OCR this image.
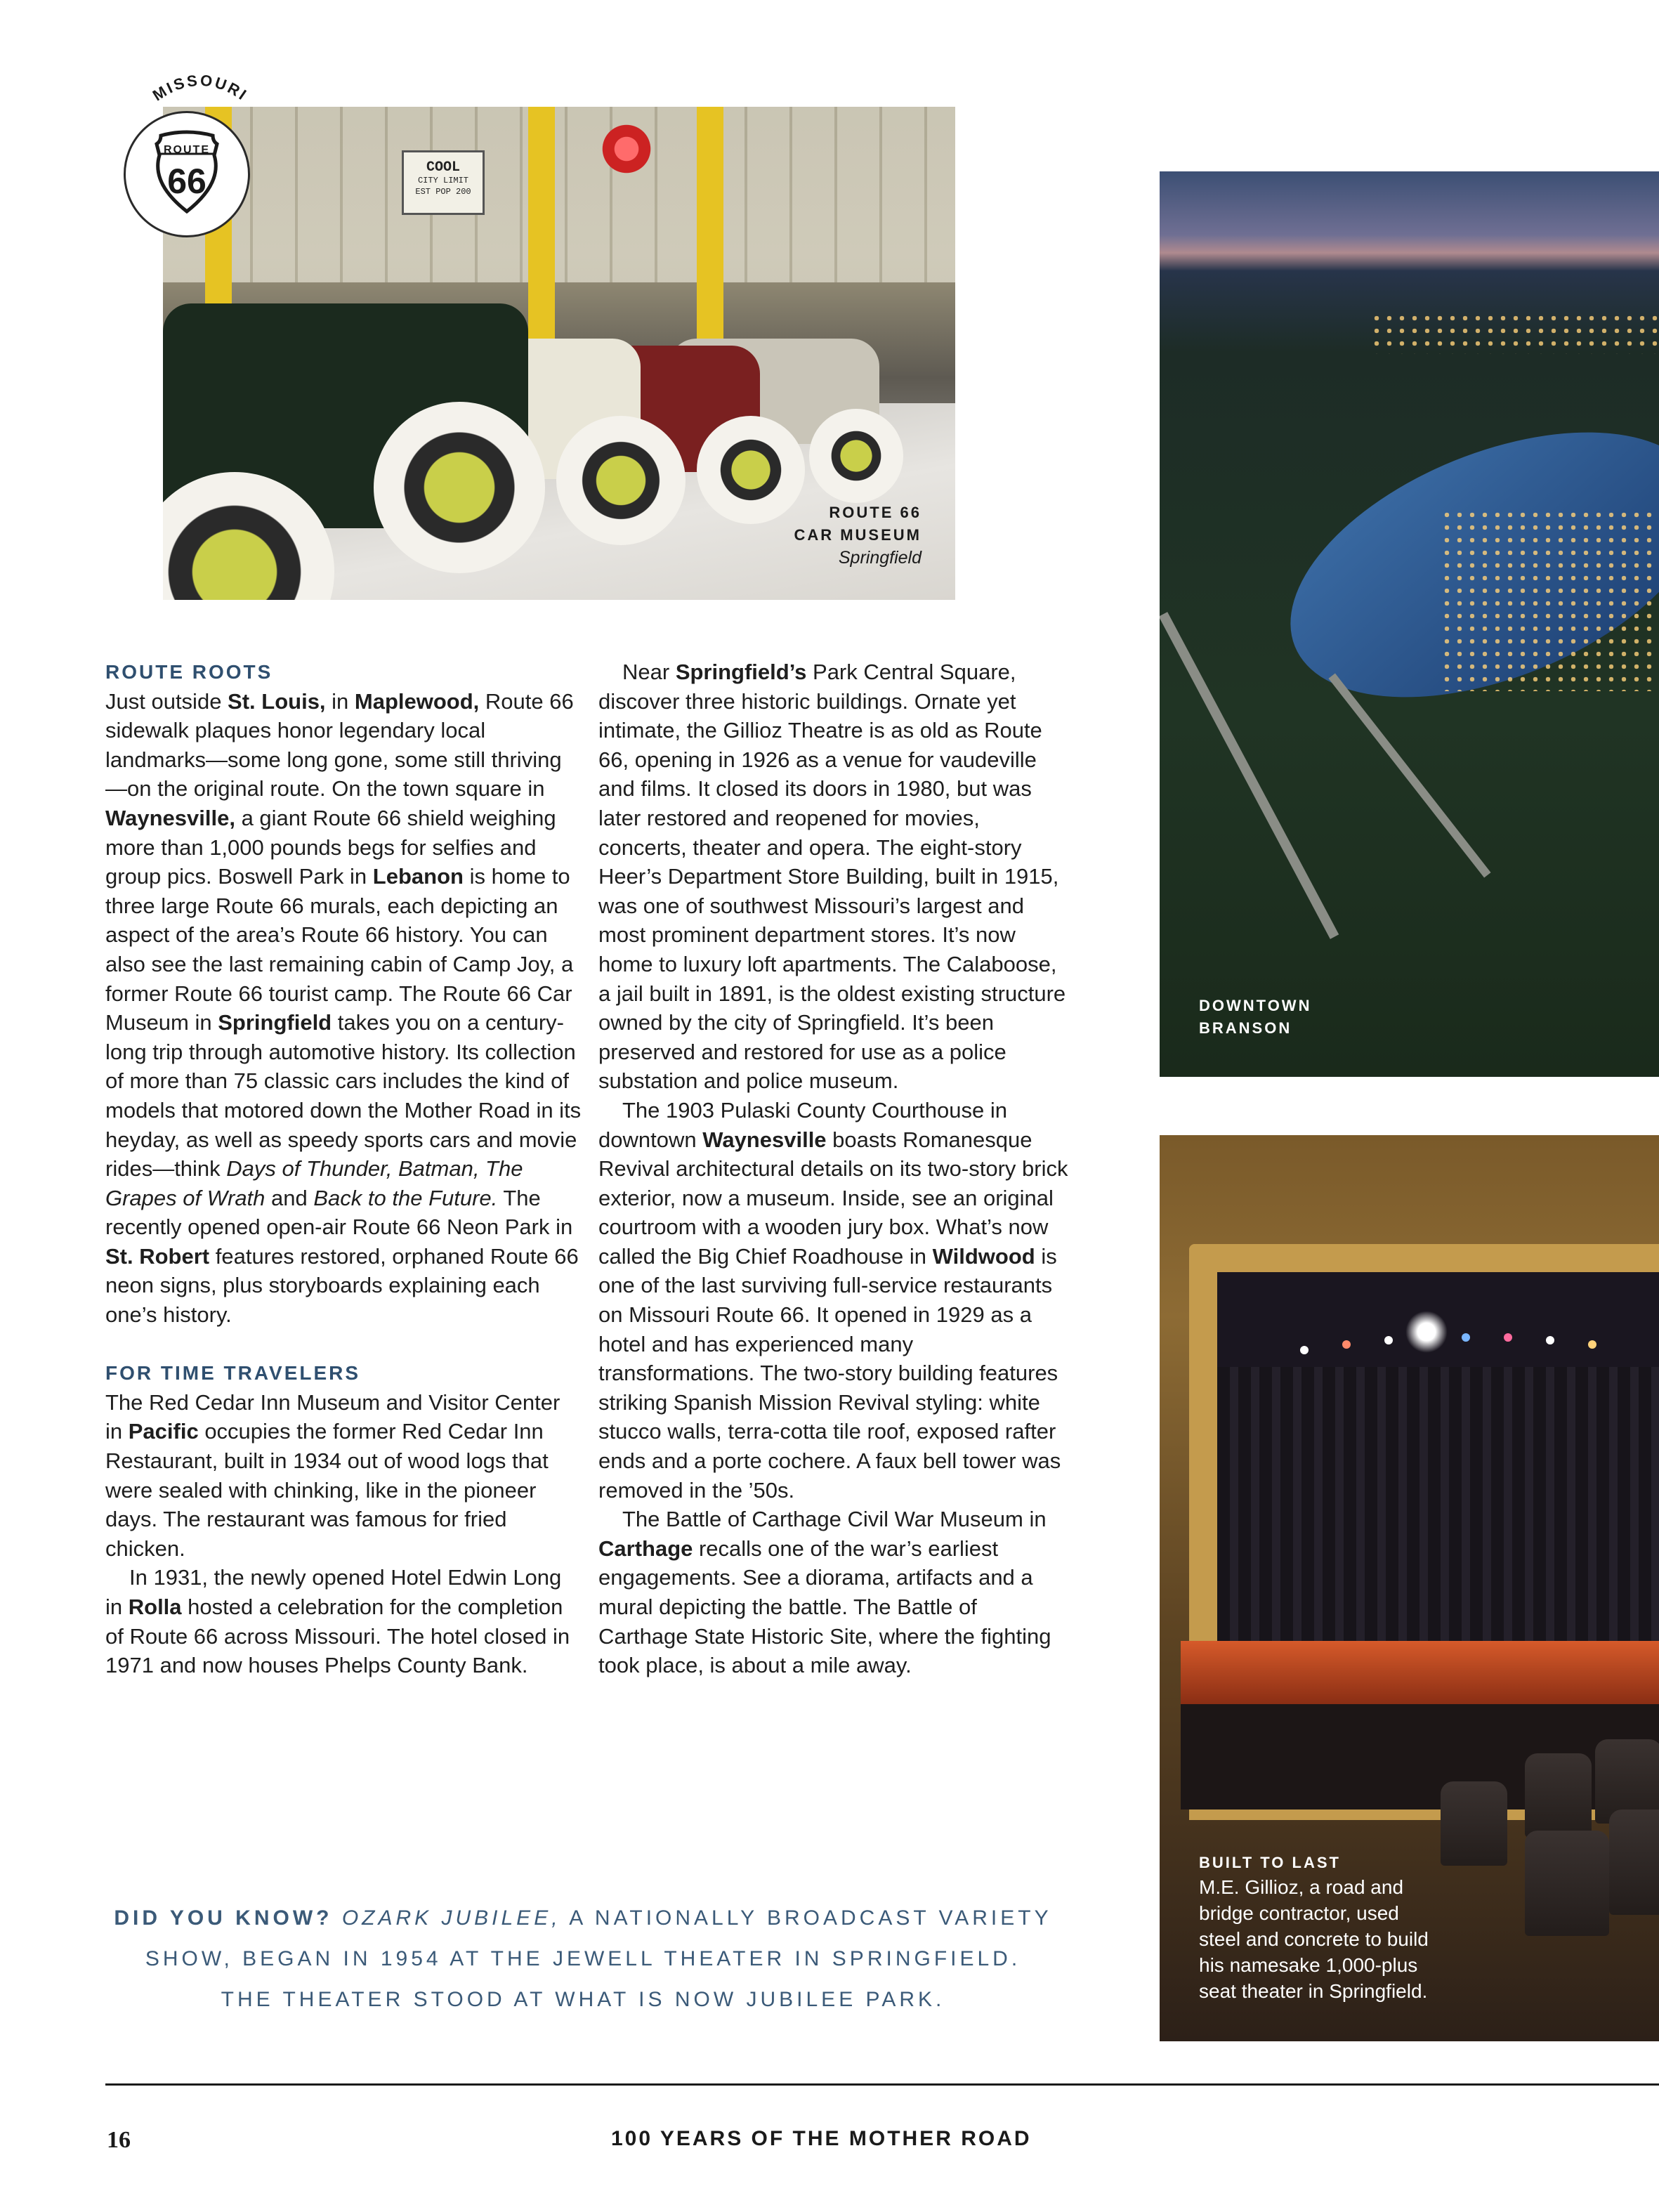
COOL
CITY LIMIT
EST POP 200
ROUTE 66
CAR MUSEUM
Springfield
MISSOURI
ROUTE
66
DOWNTOWN
BRANSON
BUILT TO LAST
M.E. Gillioz, a road and
bridge contractor, used
steel and concrete to build
his namesake 1,000-plus
seat theater in Springfield.
ROUTE ROOTS

Just outside St. Louis, in Maplewood, Route 66 sidewalk plaques honor legendary local landmarks—some long gone, some still thriving—on the original route. On the town square in Waynesville, a giant Route 66 shield weighing more than 1,000 pounds begs for selfies and group pics. Boswell Park in Lebanon is home to three large Route 66 murals, each depicting an aspect of the area’s Route 66 history. You can also see the last remaining cabin of Camp Joy, a former Route 66 tourist camp. The Route 66 Car Museum in Springfield takes you on a century-long trip through automotive history. Its collection of more than 75 classic cars includes the kind of models that motored down the Mother Road in its heyday, as well as speedy sports cars and movie rides—think Days of Thunder, Batman, The Grapes of Wrath and Back to the Future. The recently opened open-air Route 66 Neon Park in St. Robert features restored, orphaned Route 66 neon signs, plus storyboards explaining each one’s history.

FOR TIME TRAVELERS

The Red Cedar Inn Museum and Visitor Center in Pacific occupies the former Red Cedar Inn Restaurant, built in 1934 out of wood logs that were sealed with chinking, like in the pioneer days. The restaurant was famous for fried chicken.

In 1931, the newly opened Hotel Edwin Long in Rolla hosted a celebration for the completion of Route 66 across Missouri. The hotel closed in 1971 and now houses Phelps County Bank.

Near Springfield’s Park Central Square, discover three historic buildings. Ornate yet intimate, the Gillioz Theatre is as old as Route 66, opening in 1926 as a venue for vaudeville and films. It closed its doors in 1980, but was later restored and reopened for movies, concerts, theater and opera. The eight-story Heer’s Department Store Building, built in 1915, was one of southwest Missouri’s largest and most prominent department stores. It’s now home to luxury loft apartments. The Calaboose, a jail built in 1891, is the oldest existing structure owned by the city of Springfield. It’s been preserved and restored for use as a police substation and police museum.

The 1903 Pulaski County Courthouse in downtown Waynesville boasts Romanesque Revival architectural details on its two-story brick exterior, now a museum. Inside, see an original courtroom with a wooden jury box. What’s now called the Big Chief Roadhouse in Wildwood is one of the last surviving full-service restaurants on Missouri Route 66. It opened in 1929 as a hotel and has experienced many transformations. The two-story building features striking Spanish Mission Revival styling: white stucco walls, terra-cotta tile roof, exposed rafter ends and a porte cochere. A faux bell tower was removed in the ’50s.

The Battle of Carthage Civil War Museum in Carthage recalls one of the war’s earliest engagements. See a diorama, artifacts and a mural depicting the battle. The Battle of Carthage State Historic Site, where the fighting took place, is about a mile away.

DID YOU KNOW? OZARK JUBILEE, A NATIONALLY BROADCAST VARIETY
SHOW, BEGAN IN 1954 AT THE JEWELL THEATER IN SPRINGFIELD.
THE THEATER STOOD AT WHAT IS NOW JUBILEE PARK.
16	100 YEARS OF THE MOTHER ROAD
